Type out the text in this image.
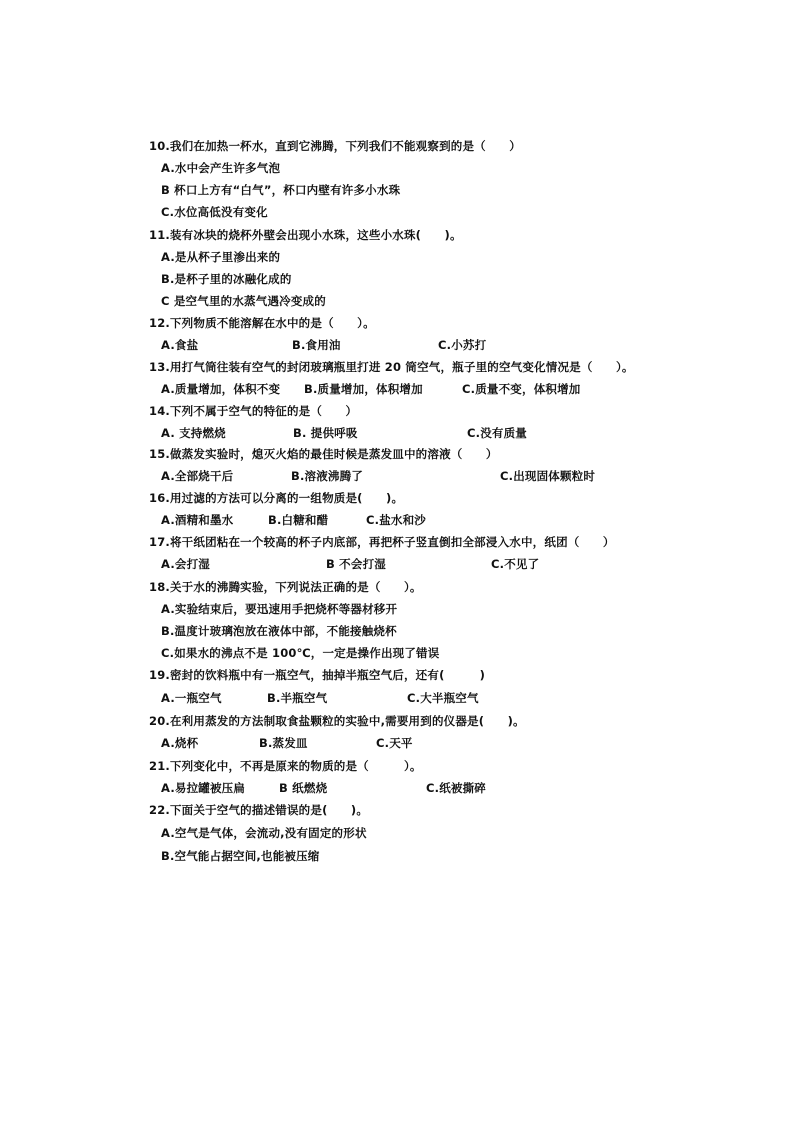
10.我们在加热一杯水，直到它沸腾，下列我们不能观察到的是（　　）
A.水中会产生许多气泡
B 杯口上方有“白气”，杯口内壁有许多小水珠
C.水位高低没有变化
11.装有冰块的烧杯外壁会出现小水珠，这些小水珠(　　)。
A.是从杯子里渗出来的
B.是杯子里的冰融化成的
C 是空气里的水蒸气遇冷变成的
12.下列物质不能溶解在水中的是（　　）。
A.食盐	B.食用油	C.小苏打
13.用打气筒往装有空气的封闭玻璃瓶里打进 20 筒空气，瓶子里的空气变化情况是（　　）。
A.质量增加，体积不变 B.质量增加，体积增加	C.质量不变，体积增加
14.下列不属于空气的特征的是（　　）
A. 支持燃烧	B. 提供呼吸	C.没有质量
15.做蒸发实验时，熄灭火焰的最佳时候是蒸发皿中的溶液（　　）
A.全部烧干后	B.溶液沸腾了	C.出现固体颗粒时
16.用过滤的方法可以分离的一组物质是(　　)。
A.酒精和墨水	B.白糖和醋	C.盐水和沙
17.将干纸团粘在一个较高的杯子内底部，再把杯子竖直倒扣全部浸入水中，纸团（　　）
A.会打湿	B 不会打湿	C.不见了
18.关于水的沸腾实验，下列说法正确的是（　　）。
A.实验结束后，要迅速用手把烧杯等器材移开
B.温度计玻璃泡放在液体中部，不能接触烧杯
C.如果水的沸点不是 100℃，一定是操作出现了错误
19.密封的饮料瓶中有一瓶空气，抽掉半瓶空气后，还有(　　　)
A.一瓶空气	B.半瓶空气	C.大半瓶空气
20.在利用蒸发的方法制取食盐颗粒的实验中,需要用到的仪器是(　　)。
A.烧杯	B.蒸发皿	C.天平
21.下列变化中，不再是原来的物质的是（　　　）。
A.易拉罐被压扁	B 纸燃烧	C.纸被撕碎
22.下面关于空气的描述错误的是(　　)。
A.空气是气体，会流动,没有固定的形状
B.空气能占据空间,也能被压缩
